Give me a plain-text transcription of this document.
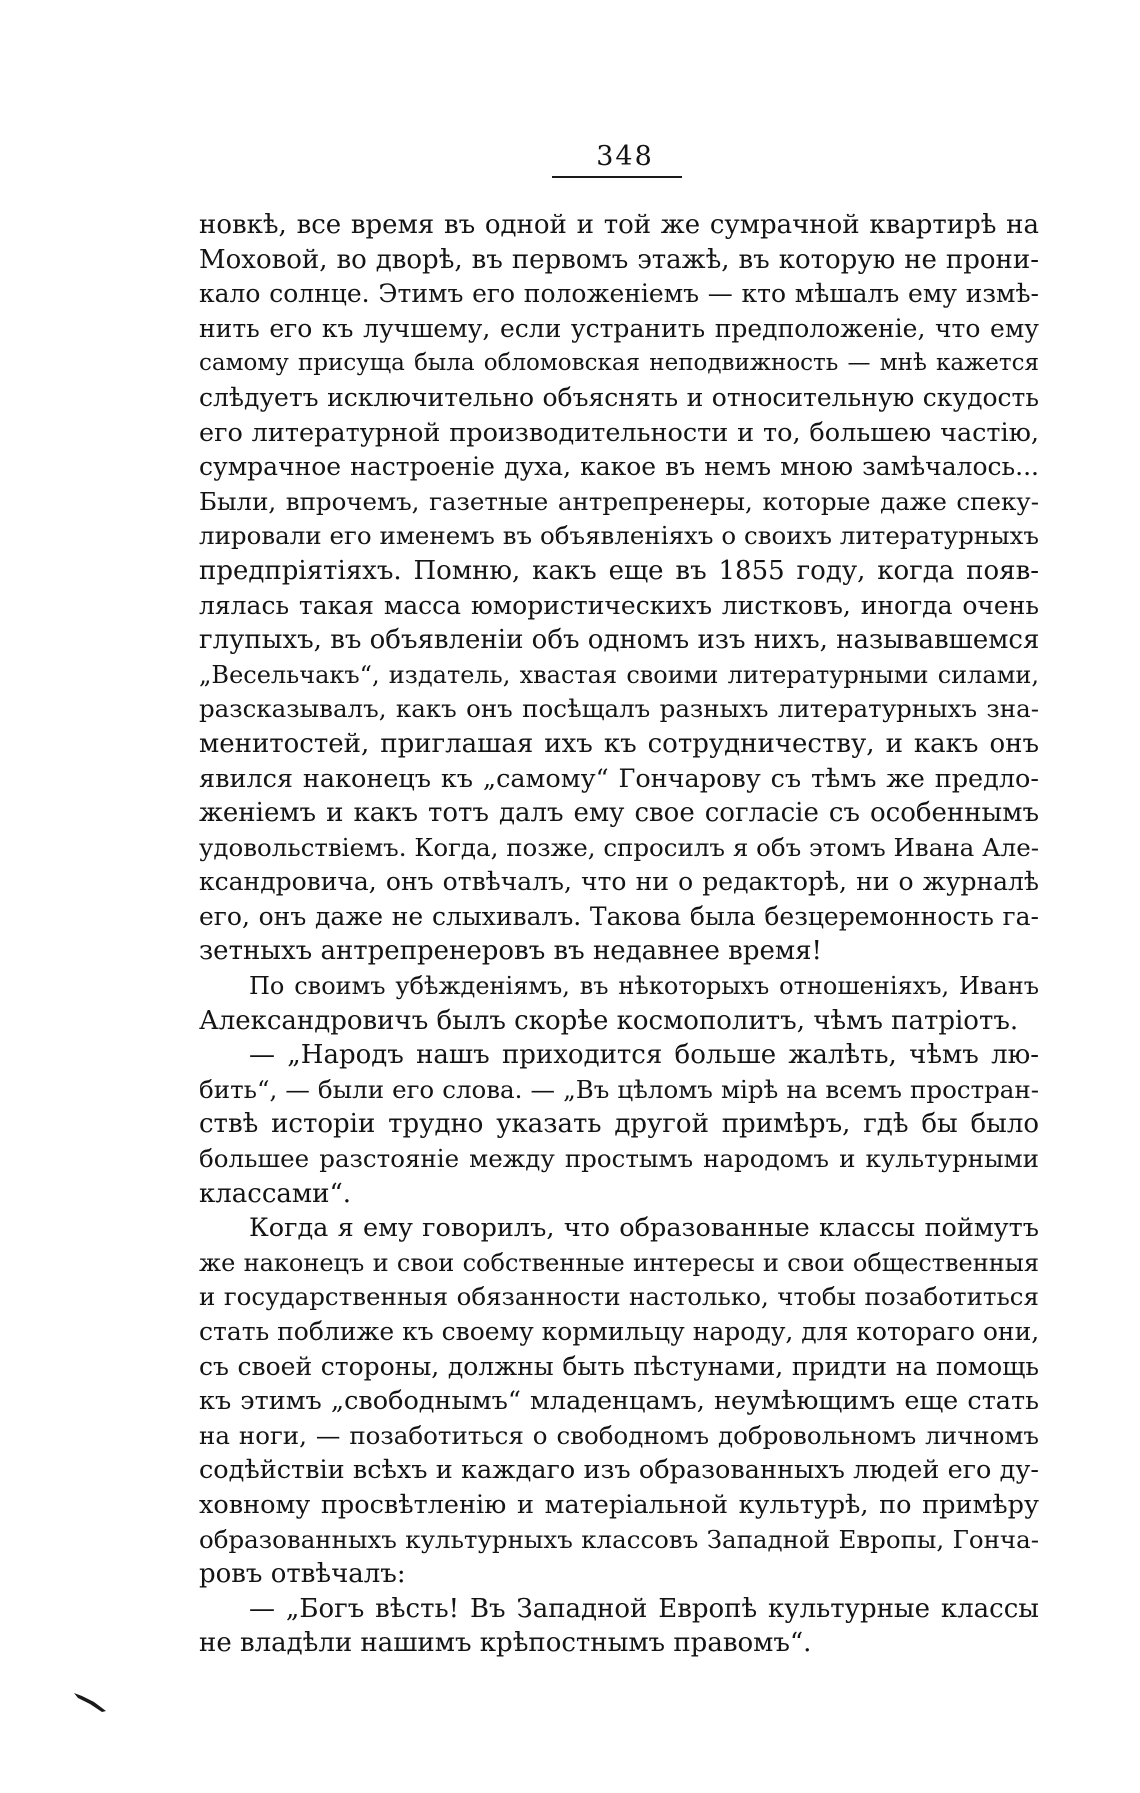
348
новкѣ, все время въ одной и той же сумрачной квартирѣ на
Моховой, во дворѣ, въ первомъ этажѣ, въ которую не прони-
кало солнце. Этимъ его положеніемъ — кто мѣшалъ ему измѣ-
нить его къ лучшему, если устранить предположеніе, что ему
самому присуща была обломовская неподвижность — мнѣ кажется
слѣдуетъ исключительно объяснять и относительную скудость
его литературной производительности и то, большею частію,
сумрачное настроеніе духа, какое въ немъ мною замѣчалось...
Были, впрочемъ, газетные антрепренеры, которые даже спеку-
лировали его именемъ въ объявленіяхъ о своихъ литературныхъ
предпріятіяхъ. Помню, какъ еще въ 1855 году, когда появ-
лялась такая масса юмористическихъ листковъ, иногда очень
глупыхъ, въ объявленіи объ одномъ изъ нихъ, называвшемся
„Весельчакъ“, издатель, хвастая своими литературными силами,
разсказывалъ, какъ онъ посѣщалъ разныхъ литературныхъ зна-
менитостей, приглашая ихъ къ сотрудничеству, и какъ онъ
явился наконецъ къ „самому“ Гончарову съ тѣмъ же предло-
женіемъ и какъ тотъ далъ ему свое согласіе съ особеннымъ
удовольствіемъ. Когда, позже, спросилъ я объ этомъ Ивана Але-
ксандровича, онъ отвѣчалъ, что ни о редакторѣ, ни о журналѣ
его, онъ даже не слыхивалъ. Такова была безцеремонность га-
зетныхъ антрепренеровъ въ недавнее время!
По своимъ убѣжденіямъ, въ нѣкоторыхъ отношеніяхъ, Иванъ
Александровичъ былъ скорѣе космополитъ, чѣмъ патріотъ.
— „Народъ нашъ приходится больше жалѣть, чѣмъ лю-
бить“, — были его слова. — „Въ цѣломъ мірѣ на всемъ простран-
ствѣ исторіи трудно указать другой примѣръ, гдѣ бы было
большее разстояніе между простымъ народомъ и культурными
классами“.
Когда я ему говорилъ, что образованные классы поймутъ
же наконецъ и свои собственные интересы и свои общественныя
и государственныя обязанности настолько, чтобы позаботиться
стать поближе къ своему кормильцу народу, для котораго они,
съ своей стороны, должны быть пѣстунами, придти на помощь
къ этимъ „свободнымъ“ младенцамъ, неумѣющимъ еще стать
на ноги, — позаботиться о свободномъ добровольномъ личномъ
содѣйствіи всѣхъ и каждаго изъ образованныхъ людей его ду-
ховному просвѣтленію и матеріальной культурѣ, по примѣру
образованныхъ культурныхъ классовъ Западной Европы, Гонча-
ровъ отвѣчалъ:
— „Богъ вѣсть! Въ Западной Европѣ культурные классы
не владѣли нашимъ крѣпостнымъ правомъ“.
